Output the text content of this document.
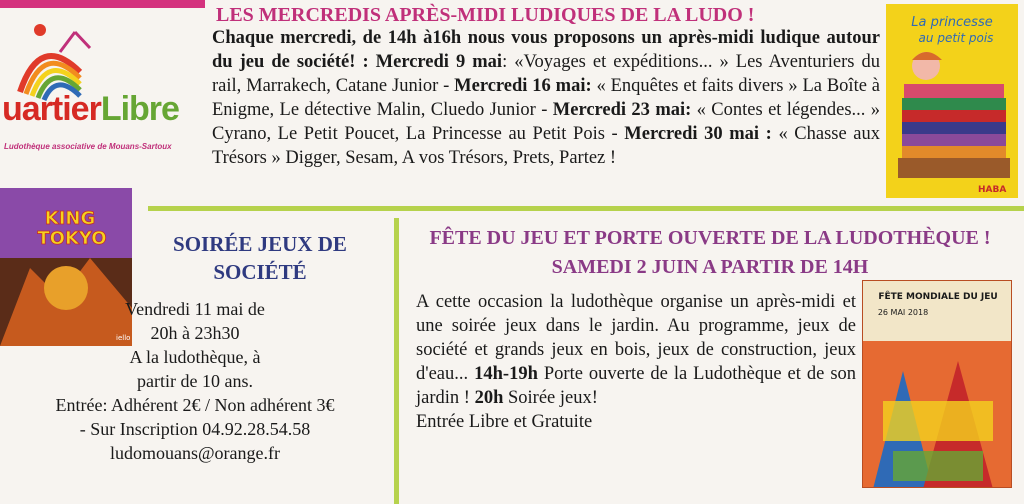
uartierLibre
Ludothèque associative de Mouans-Sartoux
LES MERCREDIS APRÈS-MIDI LUDIQUES DE LA LUDO !
Chaque mercredi, de 14h à16h nous vous proposons un après-midi ludique autour du jeu de société! : Mercredi 9 mai: «Voyages et expéditions... » Les Aventuriers du rail, Marrakech, Catane Junior - Mercredi 16 mai: « Enquêtes et faits divers » La Boîte à Enigme, Le détective Malin, Cluedo Junior - Mercredi 23 mai: « Contes et légendes... » Cyrano, Le Petit Poucet, La Princesse au Petit Pois - Mercredi 30 mai : « Chasse aux Trésors » Digger, Sesam, A vos Trésors, Prets, Partez !
La princesse
au petit pois
HABA
KING
TOKYO
iello
SOIRÉE JEUX DE SOCIÉTÉ
Vendredi 11 mai de
20h à 23h30
A la ludothèque, à
partir de 10 ans.
Entrée: Adhérent 2€ / Non adhérent 3€
- Sur Inscription 04.92.28.54.58
ludomouans@orange.fr
FÊTE DU JEU ET PORTE OUVERTE DE LA LUDOTHÈQUE ! SAMEDI 2 JUIN A PARTIR DE 14H
A cette occasion la ludothèque organise un après-midi et une soirée jeux dans le jardin. Au programme, jeux de société et grands jeux en bois, jeux de construction, jeux d'eau... 14h-19h Porte ouverte de la Ludothèque et de son jardin ! 20h Soirée jeux!
Entrée Libre et Gratuite
FÊTE MONDIALE DU JEU
26 MAI 2018
